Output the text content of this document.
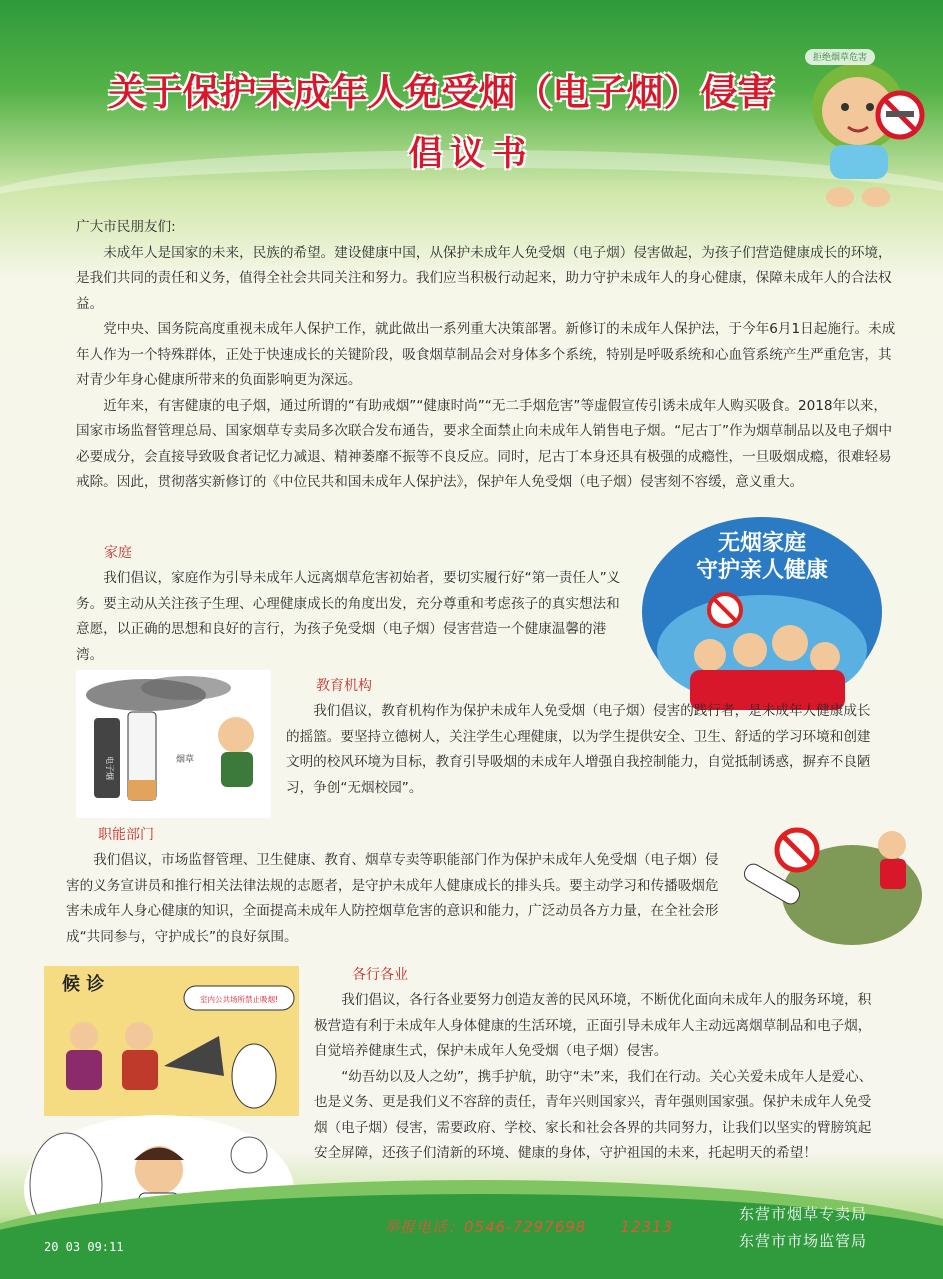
关于保护未成年人免受烟（电子烟）侵害
倡议书
拒绝烟草危害
广大市民朋友们:
未成年人是国家的未来，民族的希望。建设健康中国，从保护未成年人免受烟（电子烟）侵害做起，为孩子们营造健康成长的环境，是我们共同的责任和义务，值得全社会共同关注和努力。我们应当积极行动起来，助力守护未成年人的身心健康，保障未成年人的合法权益。
党中央、国务院高度重视未成年人保护工作，就此做出一系列重大决策部署。新修订的未成年人保护法，于今年6月1日起施行。未成年人作为一个特殊群体，正处于快速成长的关键阶段，吸食烟草制品会对身体多个系统，特别是呼吸系统和心血管系统产生严重危害，其对青少年身心健康所带来的负面影响更为深远。
近年来，有害健康的电子烟，通过所谓的“有助戒烟”“健康时尚”“无二手烟危害”等虚假宣传引诱未成年人购买吸食。2018年以来，国家市场监督管理总局、国家烟草专卖局多次联合发布通告，要求全面禁止向未成年人销售电子烟。“尼古丁”作为烟草制品以及电子烟中必要成分，会直接导致吸食者记忆力减退、精神萎靡不振等不良反应。同时，尼古丁本身还具有极强的成瘾性，一旦吸烟成瘾，很难轻易戒除。因此，贯彻落实新修订的《中位民共和国未成年人保护法》，保护年人免受烟（电子烟）侵害刻不容缓，意义重大。
家庭
我们倡议，家庭作为引导未成年人远离烟草危害初始者，要切实履行好“第一责任人”义务。要主动从关注孩子生理、心理健康成长的角度出发，充分尊重和考虑孩子的真实想法和意愿，以正确的思想和良好的言行，为孩子免受烟（电子烟）侵害营造一个健康温馨的港湾。
无烟家庭
守护亲人健康
电子烟	烟草
教育机构
我们倡议，教育机构作为保护未成年人免受烟（电子烟）侵害的践行者，是未成年人健康成长的摇篮。要坚持立德树人，关注学生心理健康，以为学生提供安全、卫生、舒适的学习环境和创建文明的校风环境为目标，教育引导吸烟的未成年人增强自我控制能力，自觉抵制诱惑，摒弃不良陋习，争创“无烟校园”。
职能部门
我们倡议，市场监督管理、卫生健康、教育、烟草专卖等职能部门作为保护未成年人免受烟（电子烟）侵害的义务宣讲员和推行相关法律法规的志愿者，是守护未成年人健康成长的排头兵。要主动学习和传播吸烟危害未成年人身心健康的知识，全面提高未成年人防控烟草危害的意识和能力，广泛动员各方力量，在全社会形成“共同参与，守护成长”的良好氛围。
候 诊
室内公共场所禁止吸烟!
各行各业
我们倡议，各行各业要努力创造友善的民风环境，不断优化面向未成年人的服务环境，积极营造有利于未成年人身体健康的生活环境，正面引导未成年人主动远离烟草制品和电子烟，自觉培养健康生式，保护未成年人免受烟（电子烟）侵害。
“幼吾幼以及人之幼”，携手护航，助守“未”来，我们在行动。关心关爱未成年人是爱心、也是义务、更是我们义不容辞的责任，青年兴则国家兴，青年强则国家强。保护未成年人免受烟（电子烟）侵害，需要政府、学校、家长和社会各界的共同努力，让我们以坚实的臂膀筑起安全屏障，还孩子们清新的环境、健康的身体，守护祖国的未来，托起明天的希望！
举报电话：0546-7297698 12313
东营市烟草专卖局
东营市市场监管局
20 03 09:11
